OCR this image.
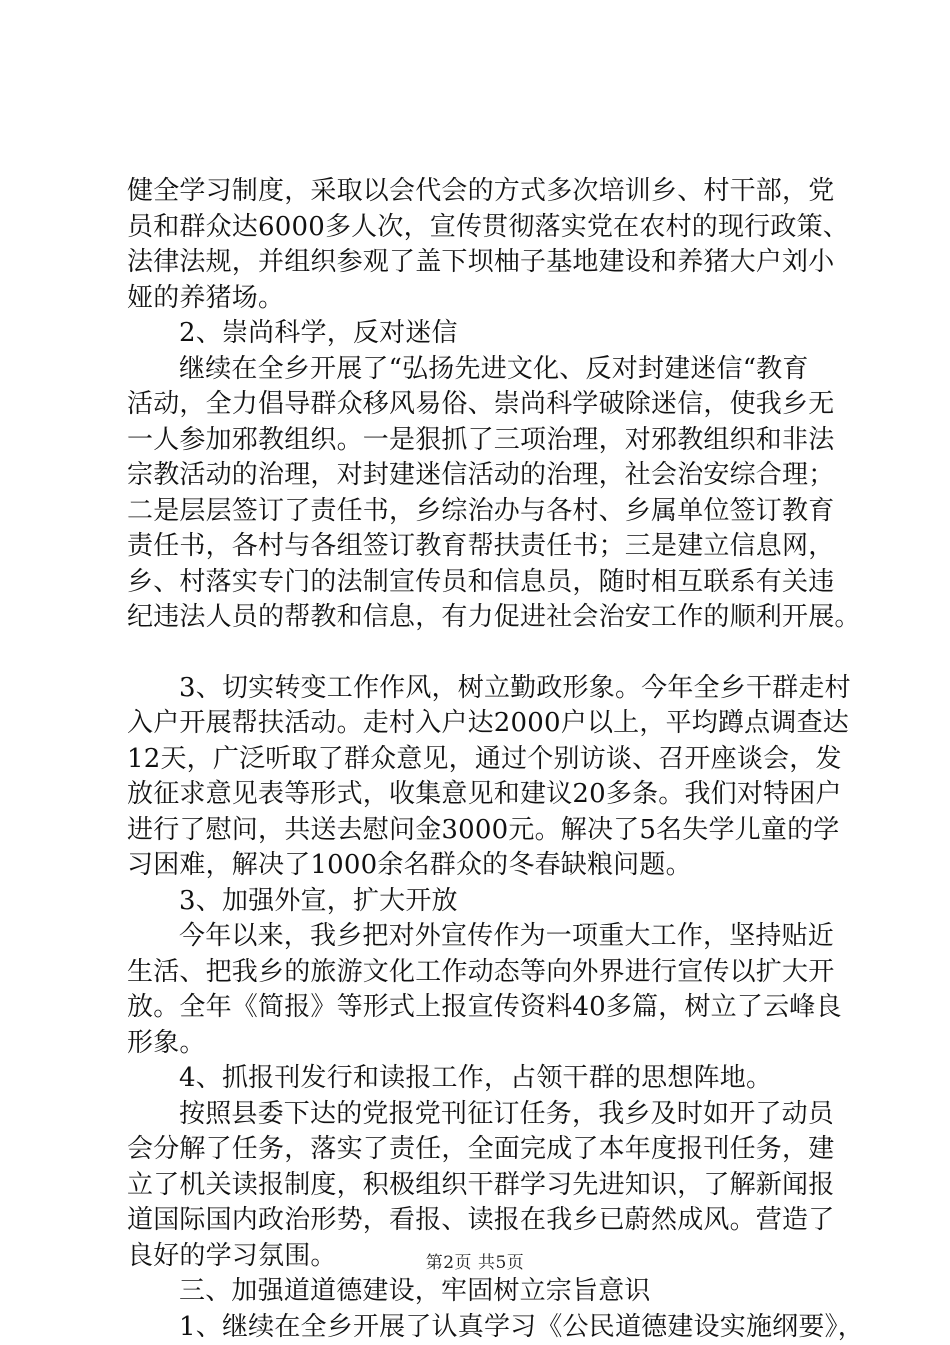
健全学习制度，采取以会代会的方式多次培训乡、村干部，党

员和群众达6000多人次，宣传贯彻落实党在农村的现行政策、

法律法规，并组织参观了盖下坝柚子基地建设和养猪大户刘小

娅的养猪场。

2、崇尚科学，反对迷信

继续在全乡开展了“弘扬先进文化、反对封建迷信“教育

活动，全力倡导群众移风易俗、崇尚科学破除迷信，使我乡无

一人参加邪教组织。一是狠抓了三项治理，对邪教组织和非法

宗教活动的治理，对封建迷信活动的治理，社会治安综合理；

二是层层签订了责任书，乡综治办与各村、乡属单位签订教育

责任书，各村与各组签订教育帮扶责任书；三是建立信息网，

乡、村落实专门的法制宣传员和信息员，随时相互联系有关违

纪违法人员的帮教和信息，有力促进社会治安工作的顺利开展。

3、切实转变工作作风，树立勤政形象。今年全乡干群走村

入户开展帮扶活动。走村入户达2000户以上，平均蹲点调查达

12天，广泛听取了群众意见，通过个别访谈、召开座谈会，发

放征求意见表等形式，收集意见和建议20多条。我们对特困户

进行了慰问，共送去慰问金3000元。解决了5名失学儿童的学

习困难，解决了1000余名群众的冬春缺粮问题。

3、加强外宣，扩大开放

今年以来，我乡把对外宣传作为一项重大工作，坚持贴近

生活、把我乡的旅游文化工作动态等向外界进行宣传以扩大开

放。全年《简报》等形式上报宣传资料40多篇，树立了云峰良

形象。

4、抓报刊发行和读报工作，占领干群的思想阵地。

按照县委下达的党报党刊征订任务，我乡及时如开了动员

会分解了任务，落实了责任，全面完成了本年度报刊任务，建

立了机关读报制度，积极组织干群学习先进知识，了解新闻报

道国际国内政治形势，看报、读报在我乡已蔚然成风。营造了

良好的学习氛围。

三、加强道道德建设，牢固树立宗旨意识

1、继续在全乡开展了认真学习《公民道德建设实施纲要》，

第2页 共5页
